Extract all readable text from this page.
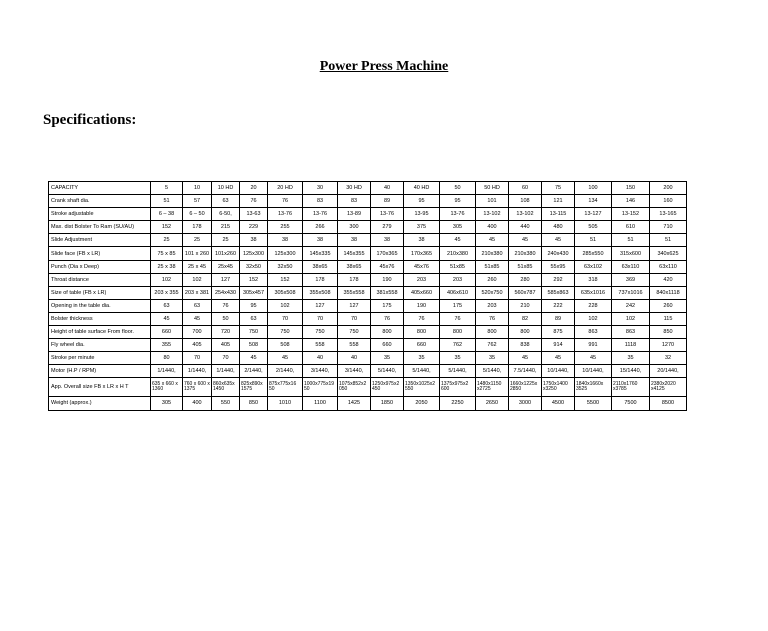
Power Press Machine
Specifications:
CAPACITY	5	10	10 HD	20	20 HD	30	30 HD	40	40 HD	50	50 HD	60	75	100	150	200
Crank shaft dia.	51	57	63	76	76	83	83	89	95	95	101	108	121	134	146	160
Stroke adjustable	6 – 38	6 – 50	6-50,	13-63	13-76	13-76	13-89	13-76	13-95	13-76	13-102	13-102	13-115	13-127	13-152	13-165
Max. dist Bolster To Ram (SU/AU)	152	178	215	229	255	266	300	279	375	305	400	440	480	505	610	710
Slide Adjustment	25	25	25	38	38	38	38	38	38	45	45	45	45	51	51	51
Slide face (FB x LR)	75 x 85	101 x 260	101x260	125x300	125x300	145x335	145x355	170x365	170x365	210x380	210x380	210x380	240x430	285x550	315x600	340x625
Punch (Dia x Deep)	25 x 38	25 x 45	25x45	32x50	32x50	38x65	38x65	45x76	45x76	51x85	51x85	51x85	55x95	63x102	63x110	63x110
Throat distance	102	102	127	152	152	178	178	190	203	203	260	280	292	318	369	420
Size of table (FB x LR)	203 x 355	203 x 381	254x430	305x457	305x508	355x508	355x558	381x558	405x660	406x610	520x750	560x787	585x863	635x1016	737x1016	840x1118
Opening in the table dia.	63	63	76	95	102	127	127	175	190	175	203	210	222	228	242	260
Bolster thickness	45	45	50	63	70	70	70	76	76	76	76	82	89	102	102	115
Height of table surface From floor.	660	700	720	750	750	750	750	800	800	800	800	800	875	863	863	850
Fly wheel dia.	355	405	405	508	508	558	558	660	660	762	762	838	914	991	1118	1270
Stroke per minute	80	70	70	45	45	40	40	35	35	35	35	45	45	45	35	32
Motor (H.P / RPM)	1/1440,	1/1440,	1/1440,	2/1440,	2/1440,	3/1440,	3/1440,	5/1440,	5/1440,	5/1440,	5/1440,	7.5/1440,	10/1440,	10/1440,	15/1440,	20/1440,
App. Overall size FB x LR x H T	635 x 660 x 1360	760 x 600 x 1375	860x635x 1450	825x890x 1575	875x775x16 50	1000x775x19 50	1075x852x2 050	1250x975x2 450	1350x1025x2 550	1375x975x2 600	1480x1150 x2725	1660x1225x 2850	1750x1400 x3250	1840x1660x 3525	2110x1760 x3785	2380x2020 x4125
Weight (approx.)	305	400	550	850	1010	1100	1425	1850	2050	2250	2650	3000	4500	5500	7500	8500
